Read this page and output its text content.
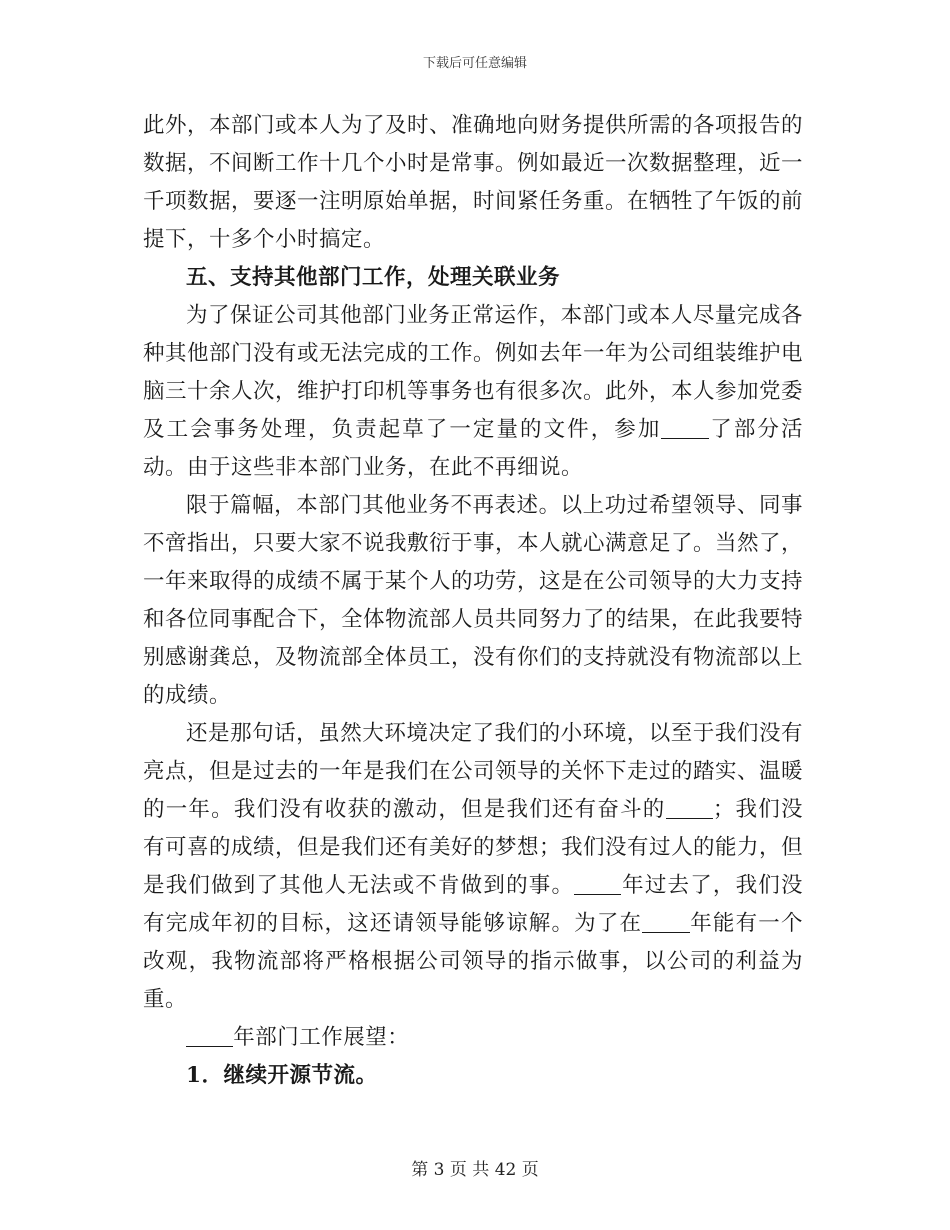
下载后可任意编辑

此外，本部门或本人为了及时、准确地向财务提供所需的各项报告的数据，不间断工作十几个小时是常事。例如最近一次数据整理，近一千项数据，要逐一注明原始单据，时间紧任务重。在牺牲了午饭的前提下，十多个小时搞定。

五、支持其他部门工作，处理关联业务

为了保证公司其他部门业务正常运作，本部门或本人尽量完成各种其他部门没有或无法完成的工作。例如去年一年为公司组装维护电脑三十余人次，维护打印机等事务也有很多次。此外，本人参加党委及工会事务处理，负责起草了一定量的文件，参加 了部分活动。由于这些非本部门业务，在此不再细说。

限于篇幅，本部门其他业务不再表述。以上功过希望领导、同事不啻指出，只要大家不说我敷衍于事，本人就心满意足了。当然了，一年来取得的成绩不属于某个人的功劳，这是在公司领导的大力支持和各位同事配合下，全体物流部人员共同努力了的结果，在此我要特别感谢龚总，及物流部全体员工，没有你们的支持就没有物流部以上的成绩。

还是那句话，虽然大环境决定了我们的小环境，以至于我们没有亮点，但是过去的一年是我们在公司领导的关怀下走过的踏实、温暖的一年。我们没有收获的激动，但是我们还有奋斗的 ；我们没有可喜的成绩，但是我们还有美好的梦想；我们没有过人的能力，但是我们做到了其他人无法或不肯做到的事。 年过去了，我们没有完成年初的目标，这还请领导能够谅解。为了在 年能有一个改观，我物流部将严格根据公司领导的指示做事，以公司的利益为重。

年部门工作展望：

1．继续开源节流。

第 3 页 共 42 页
